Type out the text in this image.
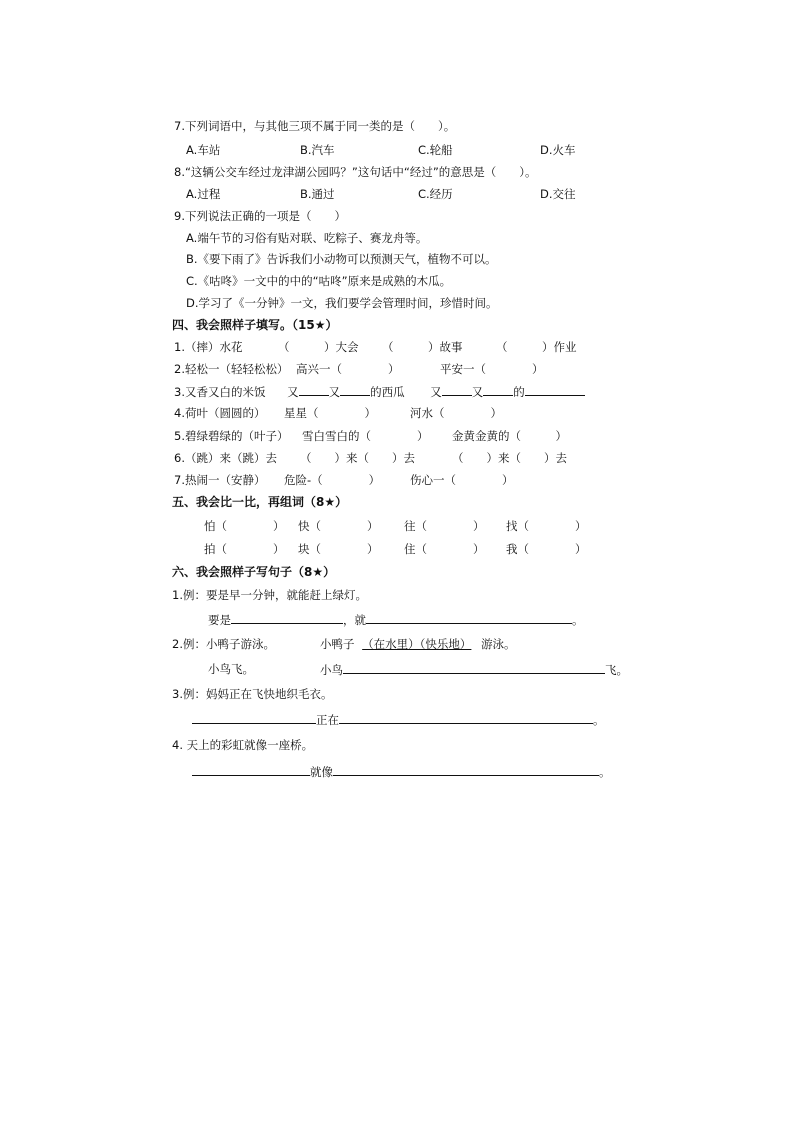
7.下列词语中，与其他三项不属于同一类的是（　　）。
A.车站	B.汽车	C.轮船	D.火车
8.“这辆公交车经过龙津湖公园吗？”这句话中“经过”的意思是（　　）。
A.过程	B.通过	C.经历	D.交往
9.下列说法正确的一项是（　　）
A.端午节的习俗有贴对联、吃粽子、赛龙舟等。
B.《要下雨了》告诉我们小动物可以预测天气，植物不可以。
C.《咕咚》一文中的中的“咕咚”原来是成熟的木瓜。
D.学习了《一分钟》一文，我们要学会管理时间，珍惜时间。
四、我会照样子填写。（15★）
1.（摔）水花	（　　　）大会 （　　　）故事	（　　　）作业
2.轻松一（轻轻松松） 高兴一（　　　　）	平安一（　　　　）
3.又香又白的米饭 又	又	的西瓜 又	又	的
4.荷叶（圆圆的） 星星（　　　　）	河水（　　　　）
5.碧绿碧绿的（叶子） 雪白雪白的（　　　　） 金黄金黄的（　　　）
6.（跳）来（跳）去 （　　）来（　　）去	（　　）来（　　）去
7.热闹一（安静） 危险-（　　　　）	伤心一（　　　　）
五、我会比一比，再组词（8★）
怕（　　　　） 快（　　　　） 往（　　　　） 找（　　　　）
拍（　　　　） 块（　　　　） 住（　　　　） 我（　　　　）
六、我会照样子写句子（8★）
1.例：要是早一分钟，就能赶上绿灯。
要是	，就	。
2.例：小鸭子游泳。	小鸭子 （在水里）（快乐地） 游泳。
小鸟飞。	小鸟	飞。
3.例：妈妈正在飞快地织毛衣。
正在	。
4. 天上的彩虹就像一座桥。
就像	。
